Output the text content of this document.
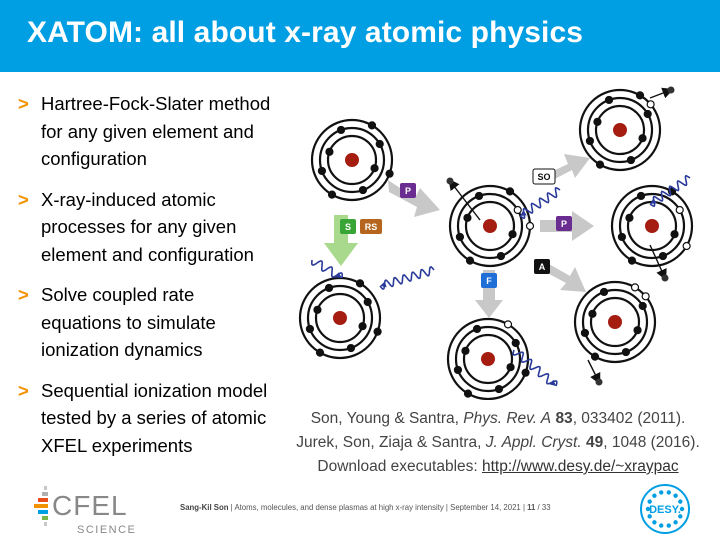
XATOM: all about x-ray atomic physics
> Hartree-Fock-Slater method
for any given element and
configuration
> X-ray-induced atomic
processes for any given
element and configuration
> Solve coupled rate
equations to simulate
ionization dynamics
> Sequential ionization model
tested by a series of atomic
XFEL experiments
P
S RS
SO
P
A
F
Son, Young & Santra, Phys. Rev. A 83, 033402 (2011).
Jurek, Son, Ziaja & Santra, J. Appl. Cryst. 49, 1048 (2016).
Download executables: http://www.desy.de/~xraypac
CFEL
SCIENCE
Sang-Kil Son | Atoms, molecules, and dense plasmas at high x-ray intensity | September 14, 2021 | 11 / 33	DESY.
